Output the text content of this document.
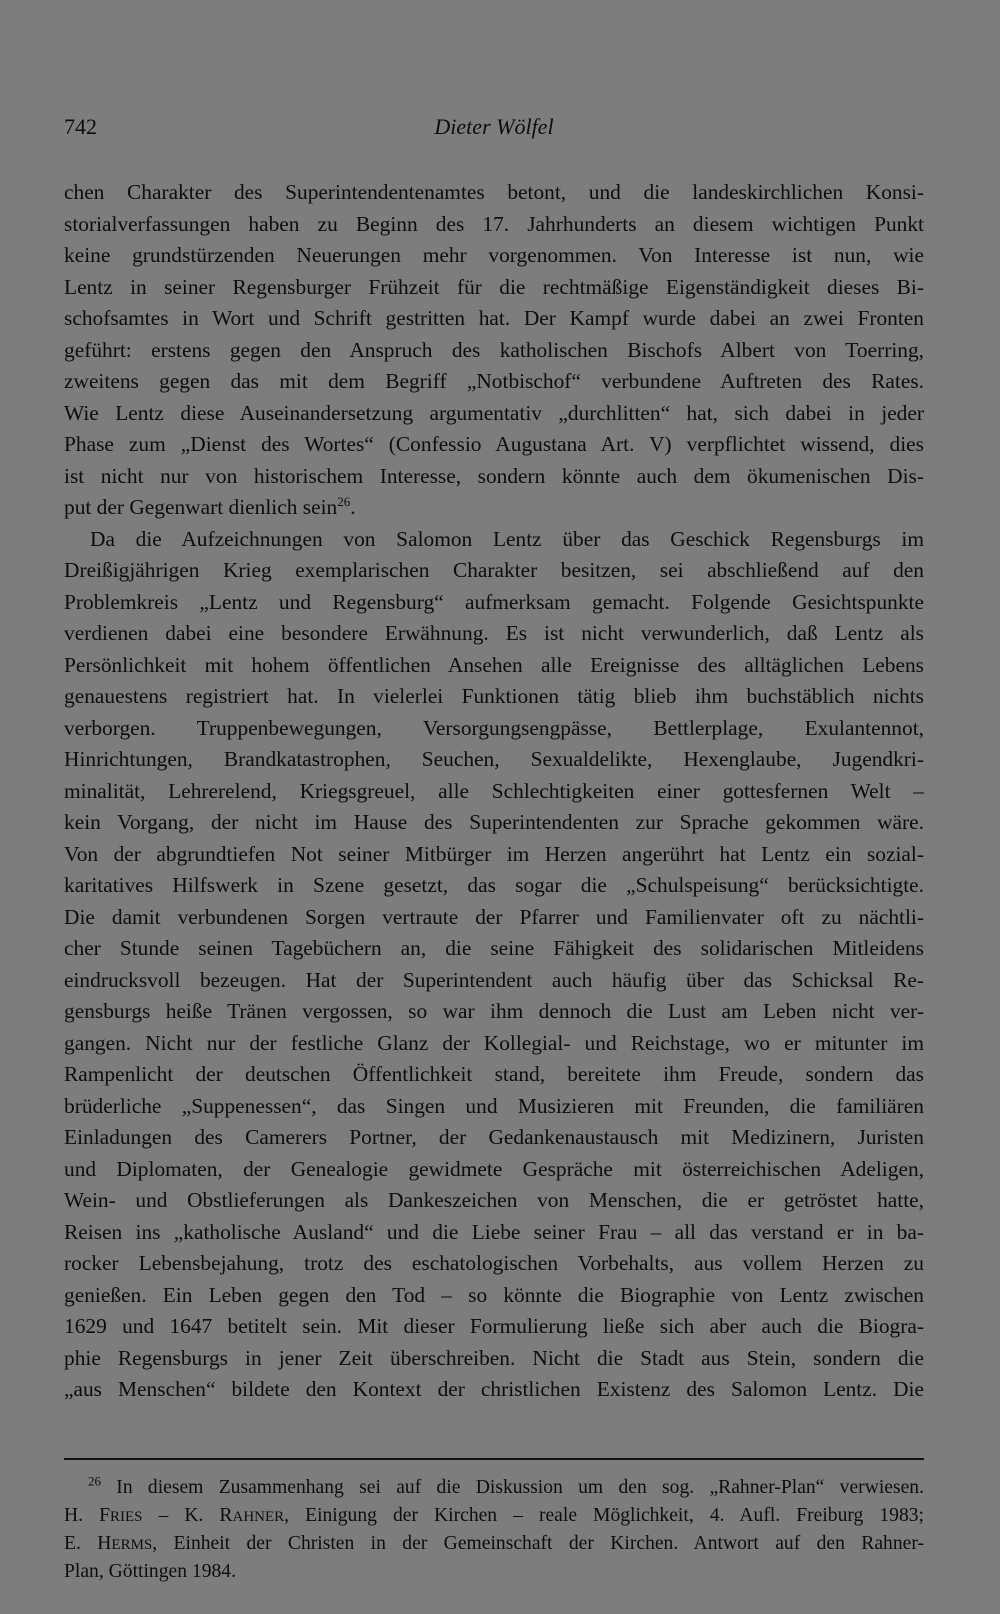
742	Dieter Wölfel
chen Charakter des Superintendentenamtes betont, und die landeskirchlichen Konsi-
storialverfassungen haben zu Beginn des 17. Jahrhunderts an diesem wichtigen Punkt
keine grundstürzenden Neuerungen mehr vorgenommen. Von Interesse ist nun, wie
Lentz in seiner Regensburger Frühzeit für die rechtmäßige Eigenständigkeit dieses Bi-
schofsamtes in Wort und Schrift gestritten hat. Der Kampf wurde dabei an zwei Fronten
geführt: erstens gegen den Anspruch des katholischen Bischofs Albert von Toerring,
zweitens gegen das mit dem Begriff „Notbischof“ verbundene Auftreten des Rates.
Wie Lentz diese Auseinandersetzung argumentativ „durchlitten“ hat, sich dabei in jeder
Phase zum „Dienst des Wortes“ (Confessio Augustana Art. V) verpflichtet wissend, dies
ist nicht nur von historischem Interesse, sondern könnte auch dem ökumenischen Dis-
put der Gegenwart dienlich sein$^{26}$.
Da die Aufzeichnungen von Salomon Lentz über das Geschick Regensburgs im
Dreißigjährigen Krieg exemplarischen Charakter besitzen, sei abschließend auf den
Problemkreis „Lentz und Regensburg“ aufmerksam gemacht. Folgende Gesichtspunkte
verdienen dabei eine besondere Erwähnung. Es ist nicht verwunderlich, daß Lentz als
Persönlichkeit mit hohem öffentlichen Ansehen alle Ereignisse des alltäglichen Lebens
genauestens registriert hat. In vielerlei Funktionen tätig blieb ihm buchstäblich nichts
verborgen. Truppenbewegungen, Versorgungsengpässe, Bettlerplage, Exulantennot,
Hinrichtungen, Brandkatastrophen, Seuchen, Sexualdelikte, Hexenglaube, Jugendkri-
minalität, Lehrerelend, Kriegsgreuel, alle Schlechtigkeiten einer gottesfernen Welt –
kein Vorgang, der nicht im Hause des Superintendenten zur Sprache gekommen wäre.
Von der abgrundtiefen Not seiner Mitbürger im Herzen angerührt hat Lentz ein sozial-
karitatives Hilfswerk in Szene gesetzt, das sogar die „Schulspeisung“ berücksichtigte.
Die damit verbundenen Sorgen vertraute der Pfarrer und Familienvater oft zu nächtli-
cher Stunde seinen Tagebüchern an, die seine Fähigkeit des solidarischen Mitleidens
eindrucksvoll bezeugen. Hat der Superintendent auch häufig über das Schicksal Re-
gensburgs heiße Tränen vergossen, so war ihm dennoch die Lust am Leben nicht ver-
gangen. Nicht nur der festliche Glanz der Kollegial- und Reichstage, wo er mitunter im
Rampenlicht der deutschen Öffentlichkeit stand, bereitete ihm Freude, sondern das
brüderliche „Suppenessen“, das Singen und Musizieren mit Freunden, die familiären
Einladungen des Camerers Portner, der Gedankenaustausch mit Medizinern, Juristen
und Diplomaten, der Genealogie gewidmete Gespräche mit österreichischen Adeligen,
Wein- und Obstlieferungen als Dankeszeichen von Menschen, die er getröstet hatte,
Reisen ins „katholische Ausland“ und die Liebe seiner Frau – all das verstand er in ba-
rocker Lebensbejahung, trotz des eschatologischen Vorbehalts, aus vollem Herzen zu
genießen. Ein Leben gegen den Tod – so könnte die Biographie von Lentz zwischen
1629 und 1647 betitelt sein. Mit dieser Formulierung ließe sich aber auch die Biogra-
phie Regensburgs in jener Zeit überschreiben. Nicht die Stadt aus Stein, sondern die
„aus Menschen“ bildete den Kontext der christlichen Existenz des Salomon Lentz. Die
$^{26}$ In diesem Zusammenhang sei auf die Diskussion um den sog. „Rahner-Plan“ verwiesen.
H. FRIES – K. RAHNER, Einigung der Kirchen – reale Möglichkeit, 4. Aufl. Freiburg 1983;
E. HERMS, Einheit der Christen in der Gemeinschaft der Kirchen. Antwort auf den Rahner-
Plan, Göttingen 1984.
